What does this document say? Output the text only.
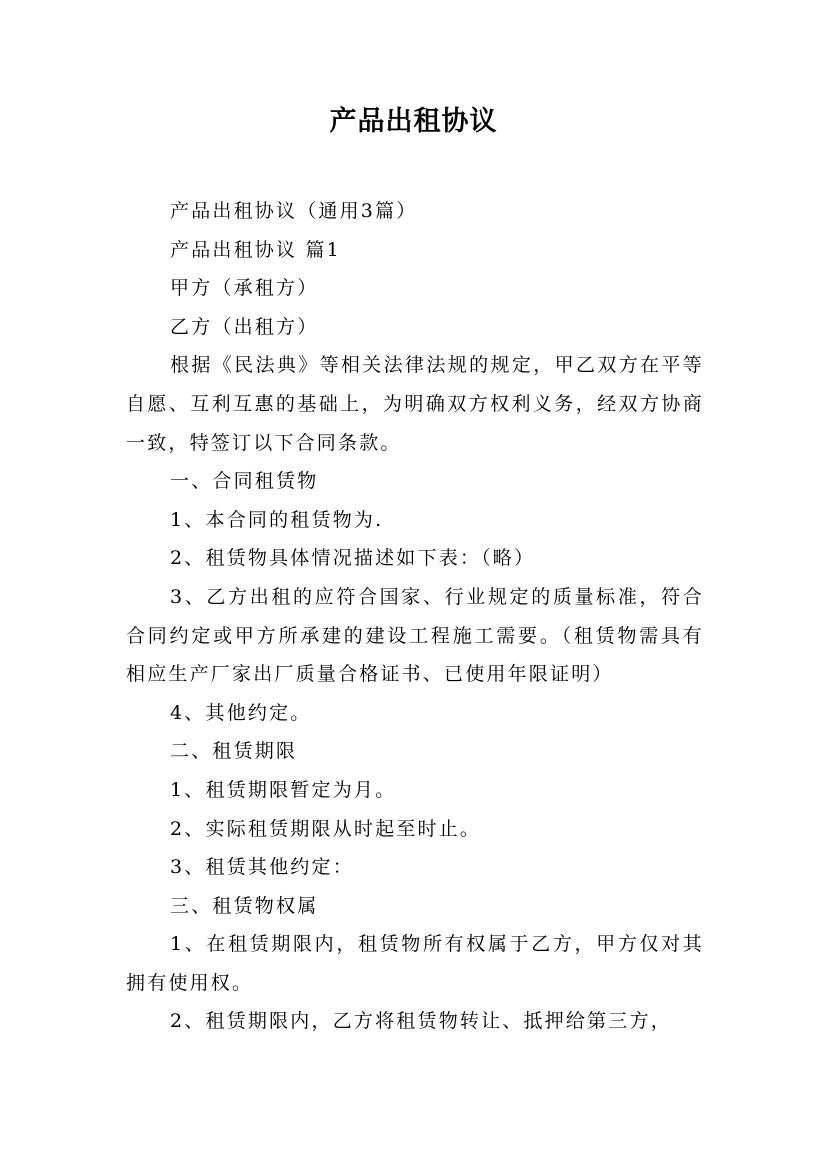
产品出租协议

产品出租协议（通用3篇）

产品出租协议 篇1

甲方（承租方）

乙方（出租方）

根据《民法典》等相关法律法规的规定，甲乙双方在平等自愿、互利互惠的基础上，为明确双方权利义务，经双方协商一致，特签订以下合同条款。

一、合同租赁物

1、本合同的租赁物为.

2、租赁物具体情况描述如下表：（略）

3、乙方出租的应符合国家、行业规定的质量标准，符合合同约定或甲方所承建的建设工程施工需要。（租赁物需具有相应生产厂家出厂质量合格证书、已使用年限证明）

4、其他约定。

二、租赁期限

1、租赁期限暂定为月。

2、实际租赁期限从时起至时止。

3、租赁其他约定：

三、租赁物权属

1、在租赁期限内，租赁物所有权属于乙方，甲方仅对其拥有使用权。

2、租赁期限内，乙方将租赁物转让、抵押给第三方，
